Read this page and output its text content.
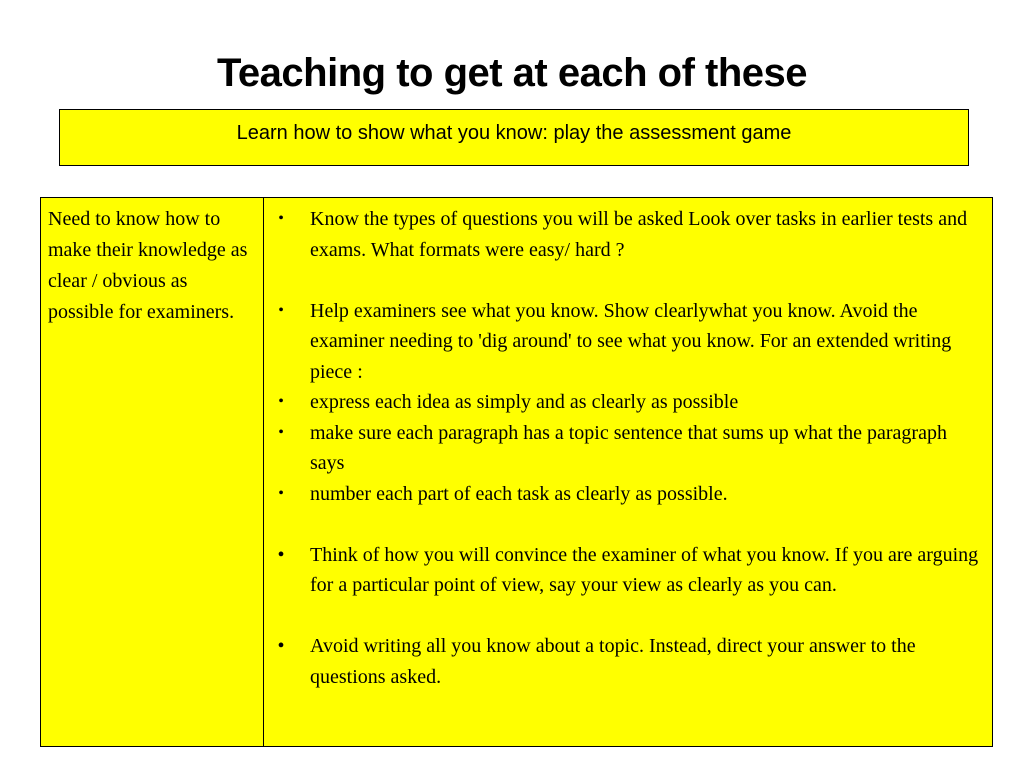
Teaching to get at each of these
Learn how to show what you know: play the assessment game
Need to know how to make their knowledge as clear / obvious as possible for examiners.
•	Know the types of questions you will be asked Look over tasks in earlier tests and exams. What formats were easy/ hard ?
•	Help examiners see what you know. Show clearlywhat you know. Avoid the examiner needing to 'dig around' to see what you know. For an extended writing piece :
•	express each idea as simply and as clearly as possible
•	make sure each paragraph has a topic sentence that sums up what the paragraph says
•	number each part of each task as clearly as possible.
•	Think of how you will convince the examiner of what you know. If you are arguing for a particular point of view, say your view as clearly as you can.
•	Avoid writing all you know about a topic. Instead, direct your answer to the questions asked.
